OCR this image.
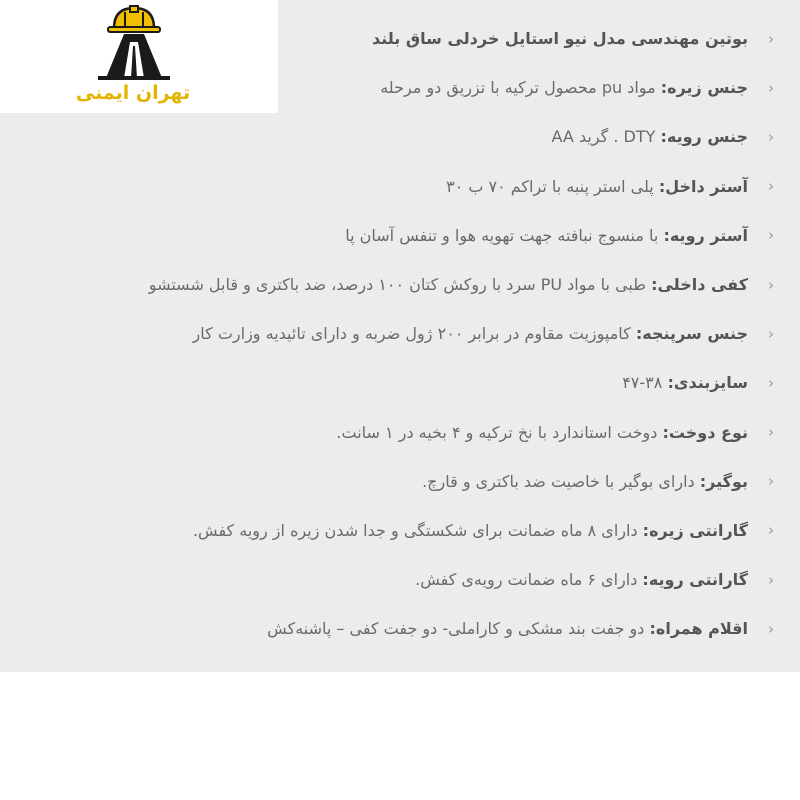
‹
بوتین مهندسی مدل نیو استایل خردلی ساق بلند
‹
جنس زیره: مواد pu محصول ترکیه با تزریق دو مرحله
‹
جنس رویه: DTY . گرید AA
‹
آستر داخل: پلی استر پنبه با تراکم ۷۰ ب ۳۰
‹
آستر رویه: با منسوج نبافته جهت تهویه هوا و تنفس آسان پا
‹
کفی داخلی: طبی با مواد PU سرد با روکش کتان ۱۰۰ درصد، ضد باکتری و قابل شستشو
‹
جنس سرپنجه: کامپوزیت مقاوم در برابر ۲۰۰ ژول ضربه و دارای تائیدیه وزارت کار
‹
سایزبندی: ۳۸-۴۷
‹
نوع دوخت: دوخت استاندارد با نخ ترکیه و ۴ بخیه در ۱ سانت.
‹
بوگیر: دارای بوگیر با خاصیت ضد باکتری و قارچ.
‹
گارانتی زیره: دارای ۸ ماه ضمانت برای شکستگی و جدا شدن زیره از رویه کفش.
‹
گارانتی رویه: دارای ۶ ماه ضمانت رویه‌ی کفش.
‹
اقلام همراه: دو جفت بند مشکی و کاراملی- دو جفت کفی – پاشنه‌کش
تهران ایمنی
